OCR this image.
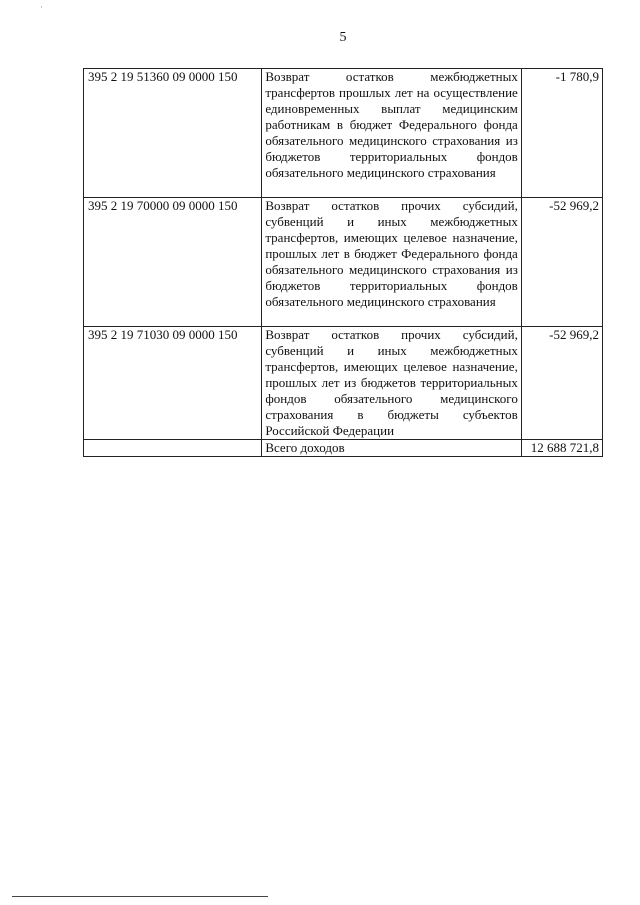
·
5
395 2 19 51360 09 0000 150	Возврат остатков межбюджетных трансфертов прошлых лет на осуществление единовременных выплат медицинским работникам в бюджет Федерального фонда обязательного медицинского страхования из бюджетов территориальных фондов обязательного медицинского страхования	-1 780,9
395 2 19 70000 09 0000 150	Возврат остатков прочих субсидий, субвенций и иных межбюджетных трансфертов, имеющих целевое назначение, прошлых лет в бюджет Федерального фонда обязательного медицинского страхования из бюджетов территориальных фондов обязательного медицинского страхования	-52 969,2
395 2 19 71030 09 0000 150	Возврат остатков прочих субсидий, субвенций и иных межбюджетных трансфертов, имеющих целевое назначение, прошлых лет из бюджетов территориальных фондов обязательного медицинского страхования в бюджеты субъектов Российской Федерации	-52 969,2
	Всего доходов	12 688 721,8
